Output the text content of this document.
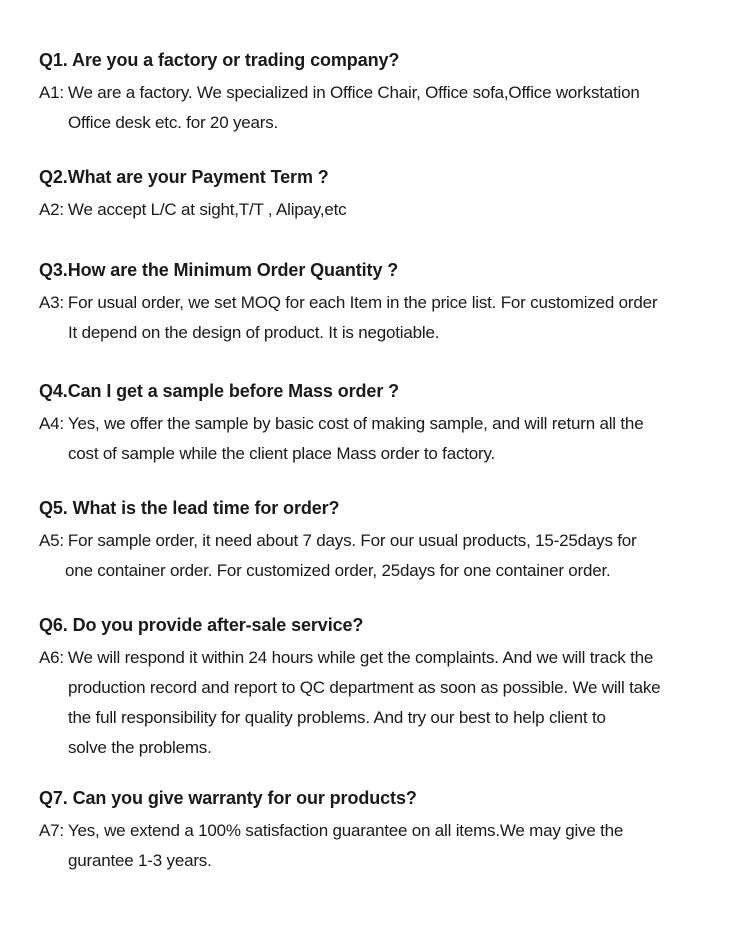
Q1. Are you a factory or trading company?
A1: We are a factory. We specialized in Office Chair, Office sofa,Office workstation
Office desk etc. for 20 years.
Q2.What are your Payment Term ?
A2: We accept L/C at sight,T/T , Alipay,etc
Q3.How are the Minimum Order Quantity ?
A3: For usual order, we set MOQ for each Item in the price list. For customized order
It depend on the design of product. It is negotiable.
Q4.Can I get a sample before Mass order ?
A4: Yes, we offer the sample by basic cost of making sample, and will return all the
cost of sample while the client place Mass order to factory.
Q5. What is the lead time for order?
A5: For sample order, it need about 7 days. For our usual products, 15-25days for
one container order. For customized order, 25days for one container order.
Q6. Do you provide after-sale service?
A6: We will respond it within 24 hours while get the complaints. And we will track the
production record and report to QC department as soon as possible. We will take
the full responsibility for quality problems. And try our best to help client to
solve the problems.
Q7. Can you give warranty for our products?
A7: Yes, we extend a 100% satisfaction guarantee on all items.We may give the
gurantee 1-3 years.
